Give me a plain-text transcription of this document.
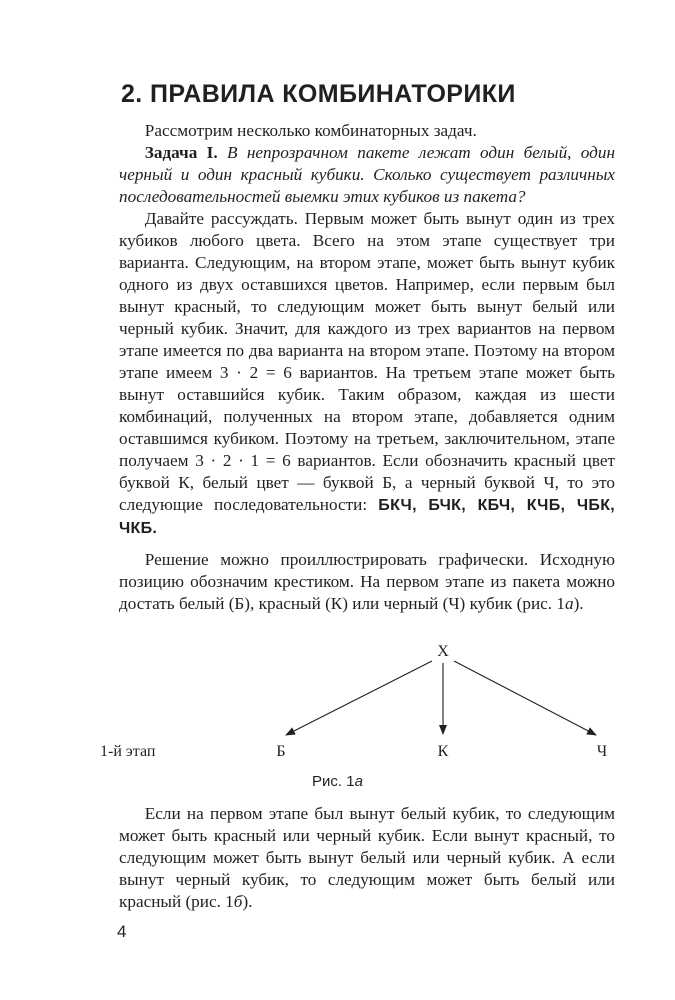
2. ПРАВИЛА КОМБИНАТОРИКИ

  Рассмотрим несколько комбинаторных задач.

  Задача I. В непрозрачном пакете лежат один белый, один черный и один красный кубики. Сколько существует различных последовательностей выемки этих кубиков из пакета?

  Давайте рассуждать. Первым может быть вынут один из трех кубиков любого цвета. Всего на этом этапе существует три варианта. Следующим, на втором этапе, может быть вынут кубик одного из двух оставшихся цветов. Например, если первым был вынут красный, то следующим может быть вынут белый или черный кубик. Значит, для каждого из трех вариантов на первом этапе имеется по два варианта на втором этапе. Поэтому на втором этапе имеем 3 · 2 = 6 вариантов. На третьем этапе может быть вынут оставшийся кубик. Таким образом, каждая из шести комбинаций, полученных на втором этапе, добавляется одним оставшимся кубиком. Поэтому на третьем, заключительном, этапе получаем 3 · 2 · 1 = 6 вариантов. Если обозначить красный цвет буквой К, белый цвет — буквой Б, а черный буквой Ч, то это следующие последовательности: БКЧ, БЧК, КБЧ, КЧБ, ЧБК, ЧКБ.

  Решение можно проиллюстрировать графически. Исходную позицию обозначим крестиком. На первом этапе из пакета можно достать белый (Б), красный (К) или черный (Ч) кубик (рис. 1а).

Х
1-й этап	Б	К	Ч
Рис. 1а

  Если на первом этапе был вынут белый кубик, то следующим может быть красный или черный кубик. Если вынут красный, то следующим может быть вынут белый или черный кубик. А если вынут черный кубик, то следующим может быть белый или красный (рис. 1б).

4
